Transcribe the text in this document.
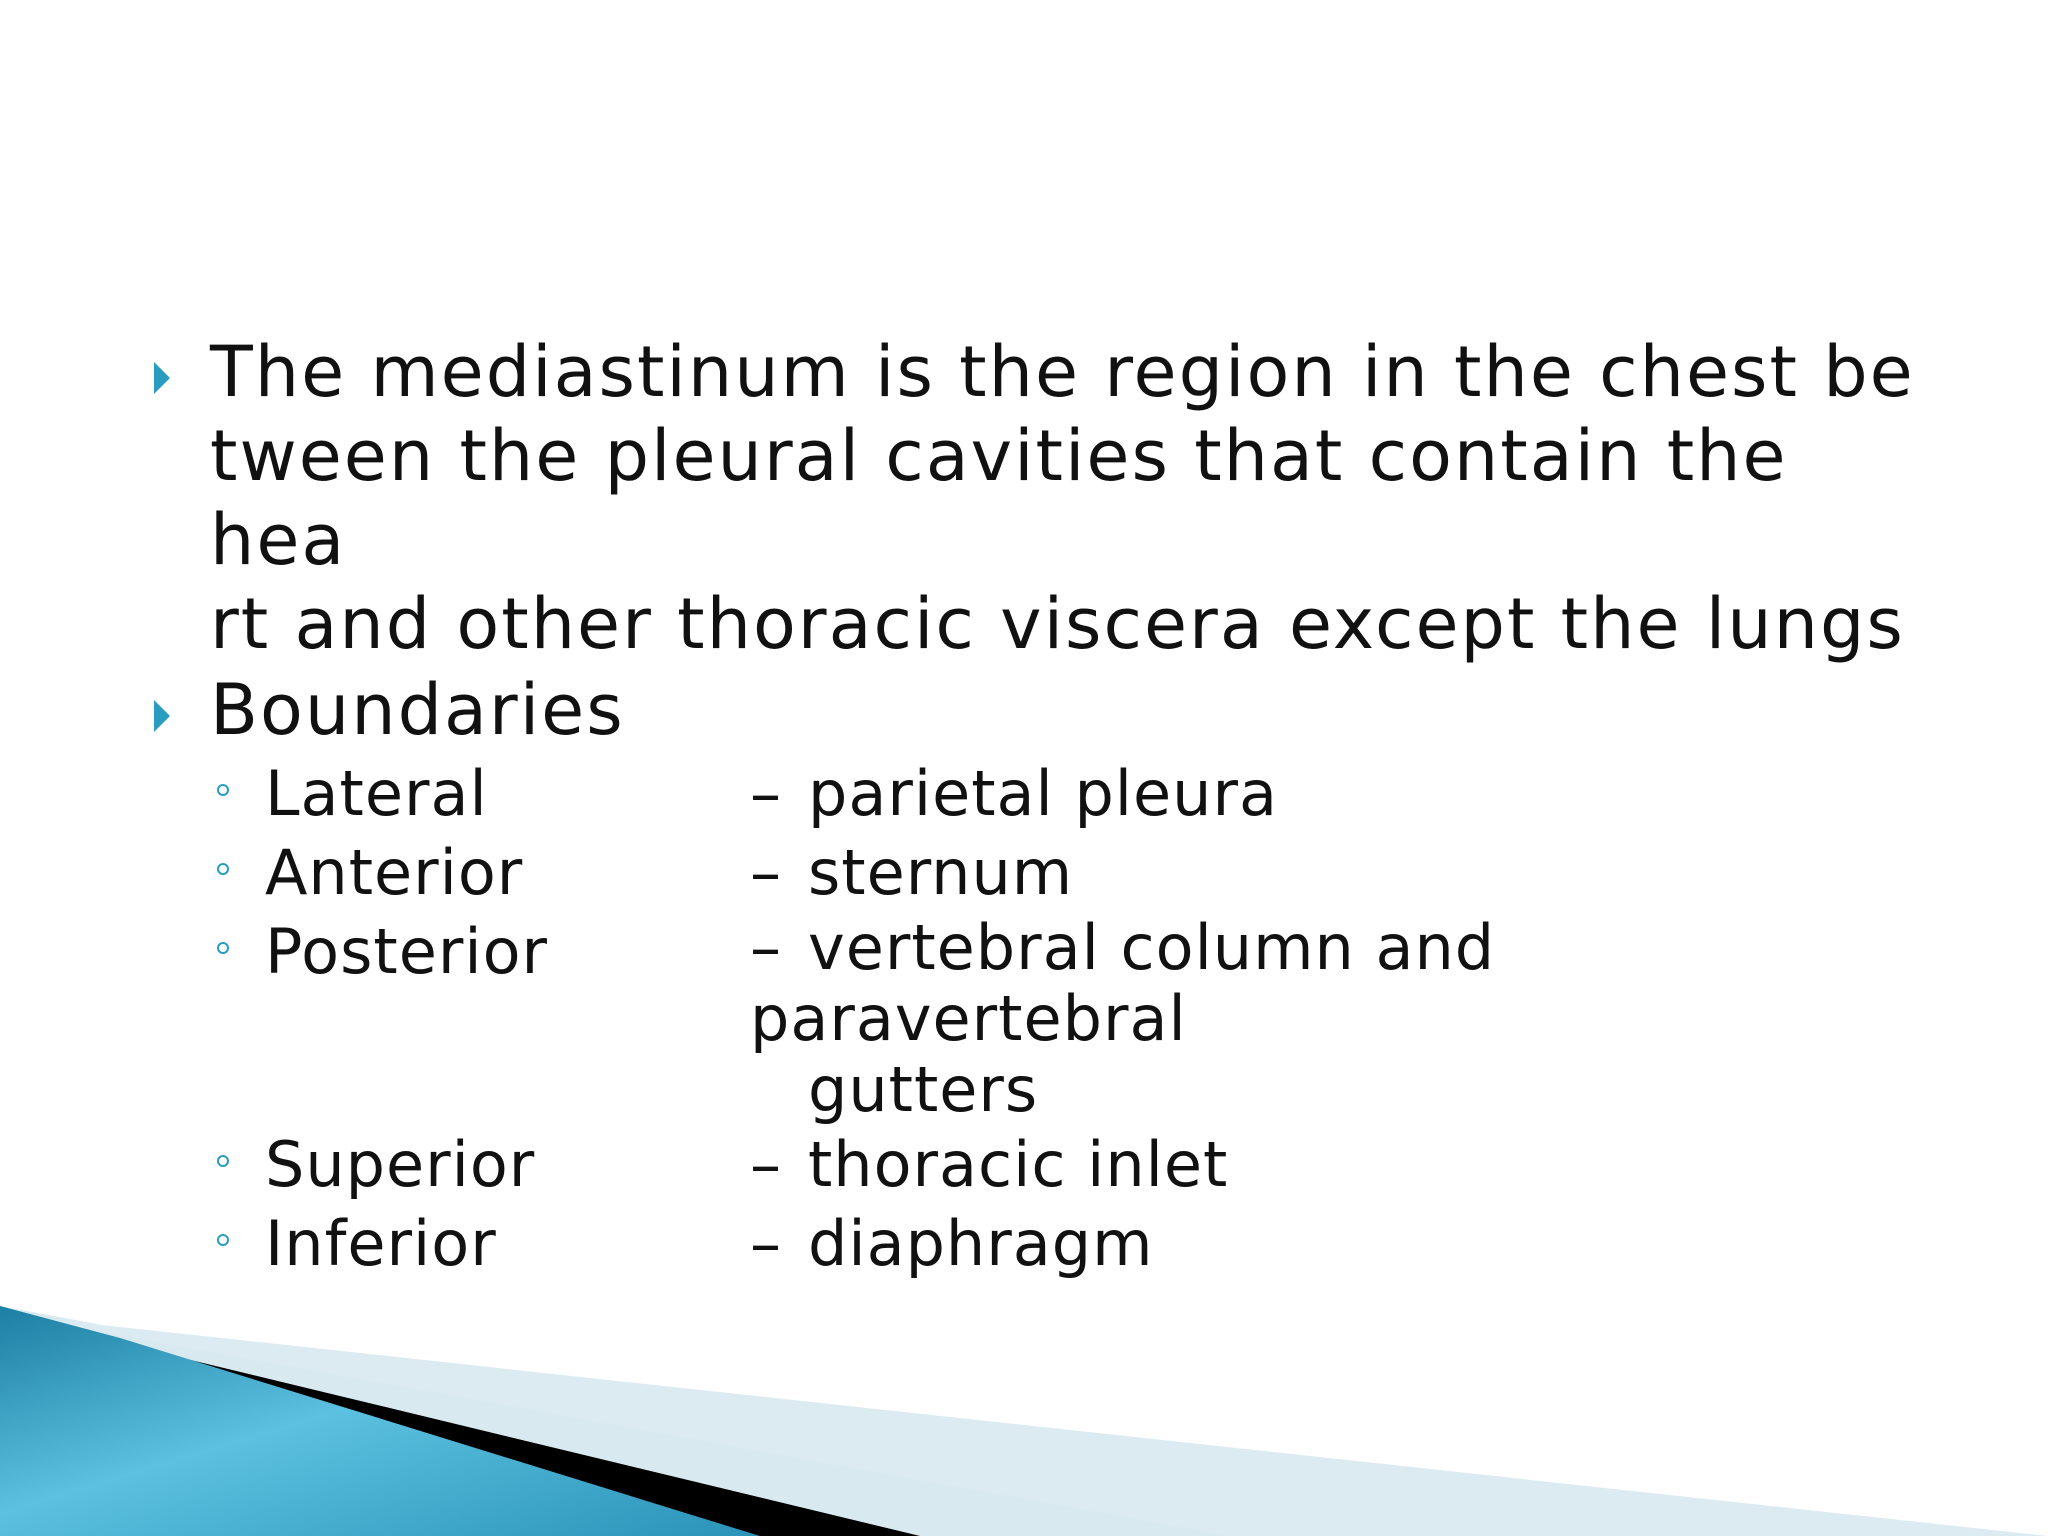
The mediastinum is the region in the chest be
tween the pleural cavities that contain the hea
rt and other thoracic viscera except the lungs
Boundaries
Lateral	– parietal pleura
Anterior	– sternum
Posterior	– vertebral column and paravertebral
gutters
Superior	– thoracic inlet
Inferior	– diaphragm
